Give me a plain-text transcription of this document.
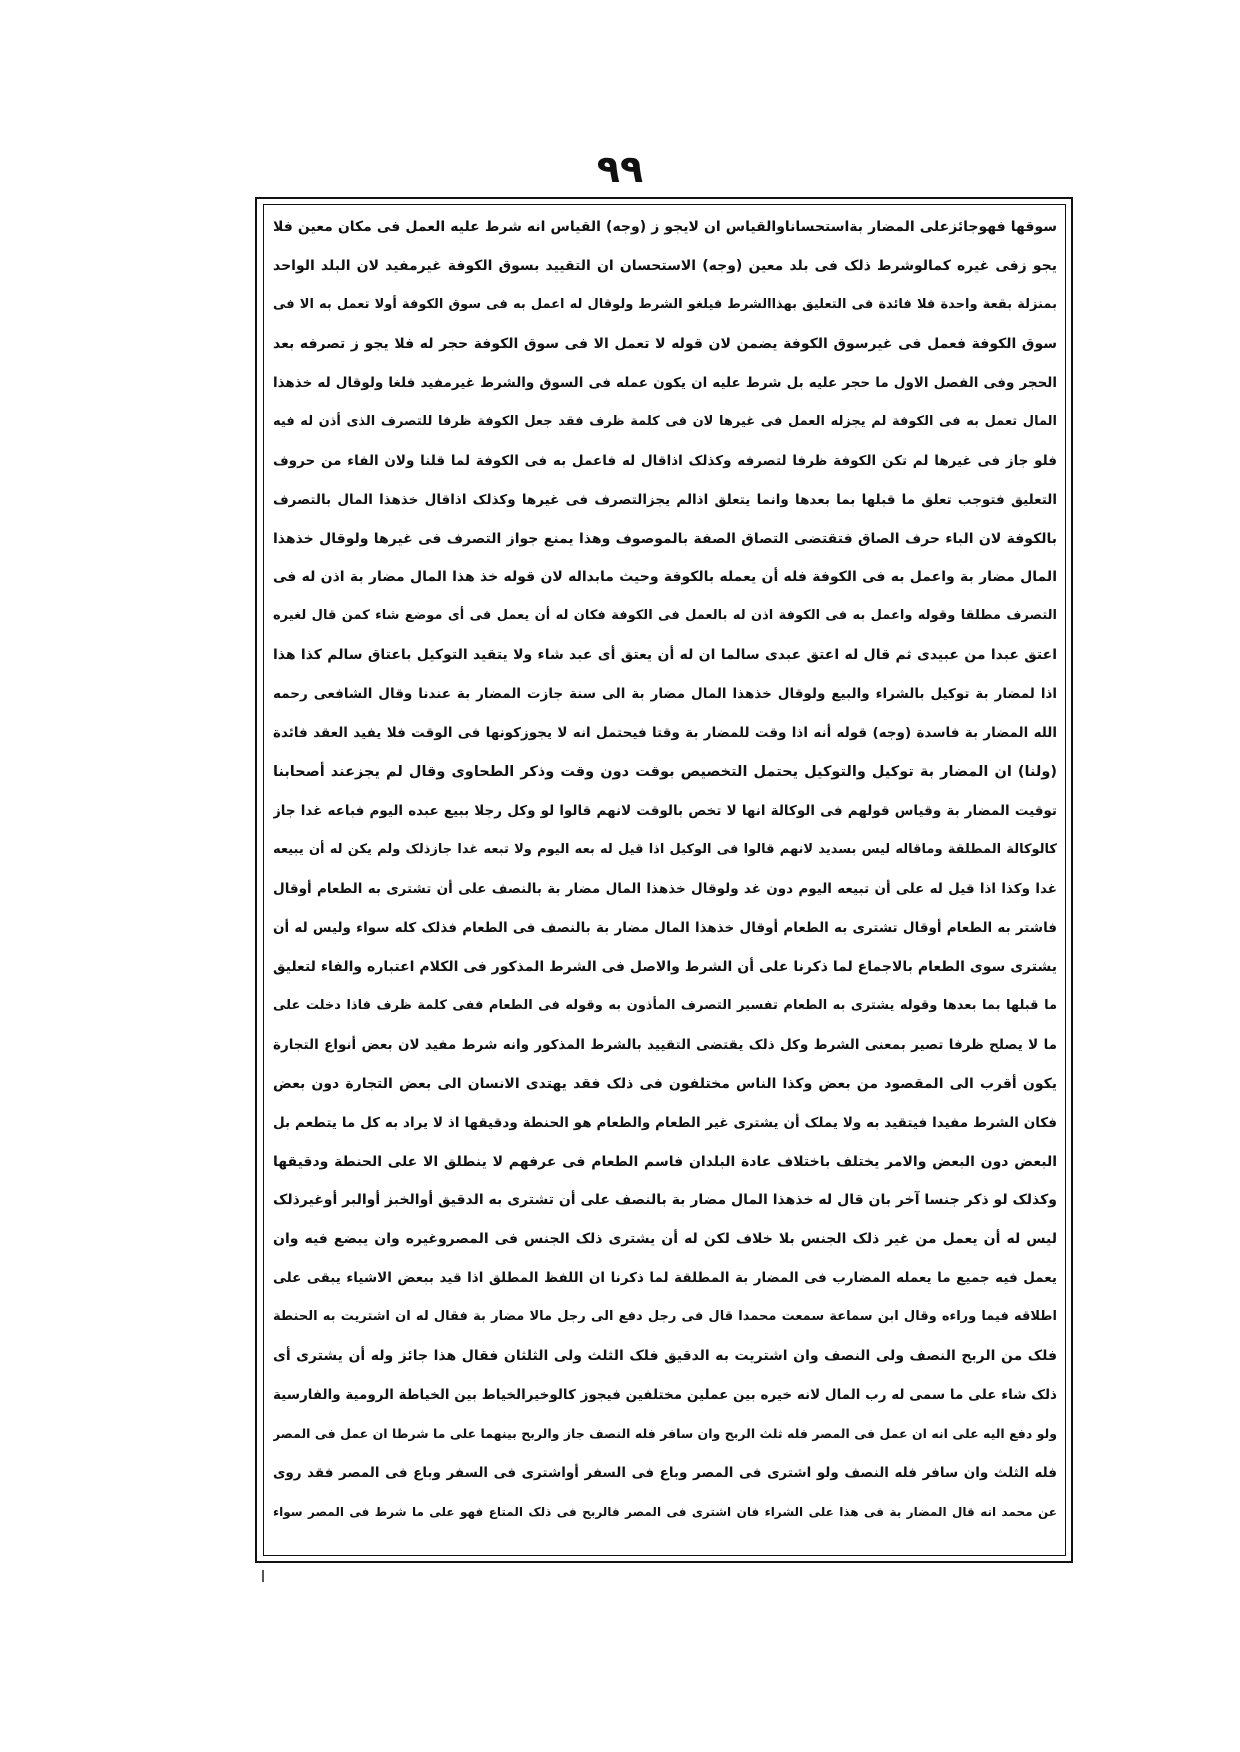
٩٩
سوقها فهوجائزعلی المضار بةاستحساناوالقیاس ان لایجو ز (وجه) القیاس انه شرط علیه العمل فی مکان معین فلا
یجو زفی غیره کمالوشرط ذلک فی بلد معین (وجه) الاستحسان ان التقیید بسوق الکوفة غیرمفید لان البلد الواحد
بمنزلة بقعة واحدة فلا فائدة فی التعلیق بهذاالشرط فیلغو الشرط ولوقال له اعمل به فی سوق الکوفة أولا تعمل به الا فی
سوق الکوفة فعمل فی غیرسوق الکوفة یضمن لان قوله لا تعمل الا فی سوق الکوفة حجر له فلا یجو ز تصرفه بعد
الحجر وفی الفصل الاول ما حجر علیه بل شرط علیه ان یکون عمله فی السوق والشرط غیرمفید فلغا ولوقال له خذهذا
المال تعمل به فی الکوفة لم یجزله العمل فی غیرها لان فی کلمة ظرف فقد جعل الکوفة ظرفا للتصرف الذی أذن له فیه
فلو جاز فی غیرها لم تکن الکوفة ظرفا لتصرفه وکذلک اذاقال له فاعمل به فی الکوفة لما قلنا ولان الفاء من حروف
التعلیق فتوجب تعلق ما قبلها بما بعدها وانما یتعلق اذالم یجزالتصرف فی غیرها وکذلک اذاقال خذهذا المال بالتصرف
بالکوفة لان الباء حرف الصاق فتقتضی التصاق الصفة بالموصوف وهذا یمنع جواز التصرف فی غیرها ولوقال خذهذا
المال مضار بة واعمل به فی الکوفة فله أن یعمله بالکوفة وحیث مابداله لان قوله خذ هذا المال مضار بة اذن له فی
التصرف مطلقا وقوله واعمل به فی الکوفة اذن له بالعمل فی الکوفة فکان له أن یعمل فی أی موضع شاء کمن قال لغیره
اعتق عبدا من عبیدی ثم قال له اعتق عبدی سالما ان له أن یعتق أی عبد شاء ولا یتقید التوکیل باعتاق سالم کذا هذا
اذا لمضار بة توکیل بالشراء والبیع ولوقال خذهذا المال مضار بة الی سنة جازت المضار بة عندنا وقال الشافعی رحمه
الله المضار بة فاسدة (وجه) قوله أنه اذا وقت للمضار بة وقتا فیحتمل انه لا یجوزکونها فی الوقت فلا یفید العقد فائدة
(ولنا) ان المضار بة توکیل والتوکیل یحتمل التخصیص بوقت دون وقت وذکر الطحاوی وقال لم یجزعند أصحابنا
توقیت المضار بة وقیاس قولهم فی الوکالة انها لا تخص بالوقت لانهم قالوا لو وکل رجلا ببیع عبده الیوم فباعه غدا جاز
کالوکالة المطلقة وماقاله لیس بسدید لانهم قالوا فی الوکیل اذا قیل له بعه الیوم ولا تبعه غدا جازذلک ولم یکن له أن یبیعه
غدا وکذا اذا قیل له علی أن تبیعه الیوم دون غد ولوقال خذهذا المال مضار بة بالنصف علی أن تشتری به الطعام أوقال
فاشتر به الطعام أوقال تشتری به الطعام أوقال خذهذا المال مضار بة بالنصف فی الطعام فذلک کله سواء ولیس له أن
یشتری سوی الطعام بالاجماع لما ذکرنا علی أن الشرط والاصل فی الشرط المذکور فی الکلام اعتباره والفاء لتعلیق
ما قبلها بما بعدها وقوله یشتری به الطعام تفسیر التصرف المأذون به وقوله فی الطعام ففی کلمة ظرف فاذا دخلت علی
ما لا یصلح ظرفا تصیر بمعنی الشرط وکل ذلک یقتضی التقیید بالشرط المذکور وانه شرط مفید لان بعض أنواع التجارة
یکون أقرب الی المقصود من بعض وکذا الناس مختلفون فی ذلک فقد یهتدی الانسان الی بعض التجارة دون بعض
فکان الشرط مفیدا فیتقید به ولا یملک أن یشتری غیر الطعام والطعام هو الحنطة ودقیقها اذ لا یراد به کل ما یتطعم بل
البعض دون البعض والامر یختلف باختلاف عادة البلدان فاسم الطعام فی عرفهم لا ینطلق الا علی الحنطة ودقیقها
وکذلک لو ذکر جنسا آخر بان قال له خذهذا المال مضار بة بالنصف علی أن تشتری به الدقیق أوالخبز أوالبر أوغیرذلک
لیس له أن یعمل من غیر ذلک الجنس بلا خلاف لکن له أن یشتری ذلک الجنس فی المصروغیره وان یبضع فیه وان
یعمل فیه جمیع ما یعمله المضارب فی المضار بة المطلقة لما ذکرنا ان اللفظ المطلق اذا قید ببعض الاشیاء یبقی علی
اطلاقه فیما وراءه وقال ابن سماعة سمعت محمدا قال فی رجل دفع الی رجل مالا مضار بة فقال له ان اشتریت به الحنطة
فلک من الربح النصف ولی النصف وان اشتریت به الدقیق فلک الثلث ولی الثلثان فقال هذا جائز وله أن یشتری أی
ذلک شاء علی ما سمی له رب المال لانه خیره بین عملین مختلفین فیجوز کالوخیرالخیاط بین الخیاطة الرومیة والفارسیة
ولو دفع الیه علی انه ان عمل فی المصر فله ثلث الربح وان سافر فله النصف جاز والربح بینهما علی ما شرطا ان عمل فی المصر
فله الثلث وان سافر فله النصف ولو اشتری فی المصر وباع فی السفر أواشتری فی السفر وباع فی المصر فقد روی
عن محمد انه قال المضار بة فی هذا علی الشراء فان اشتری فی المصر فالربح فی ذلک المتاع فهو علی ما شرط فی المصر سواء
